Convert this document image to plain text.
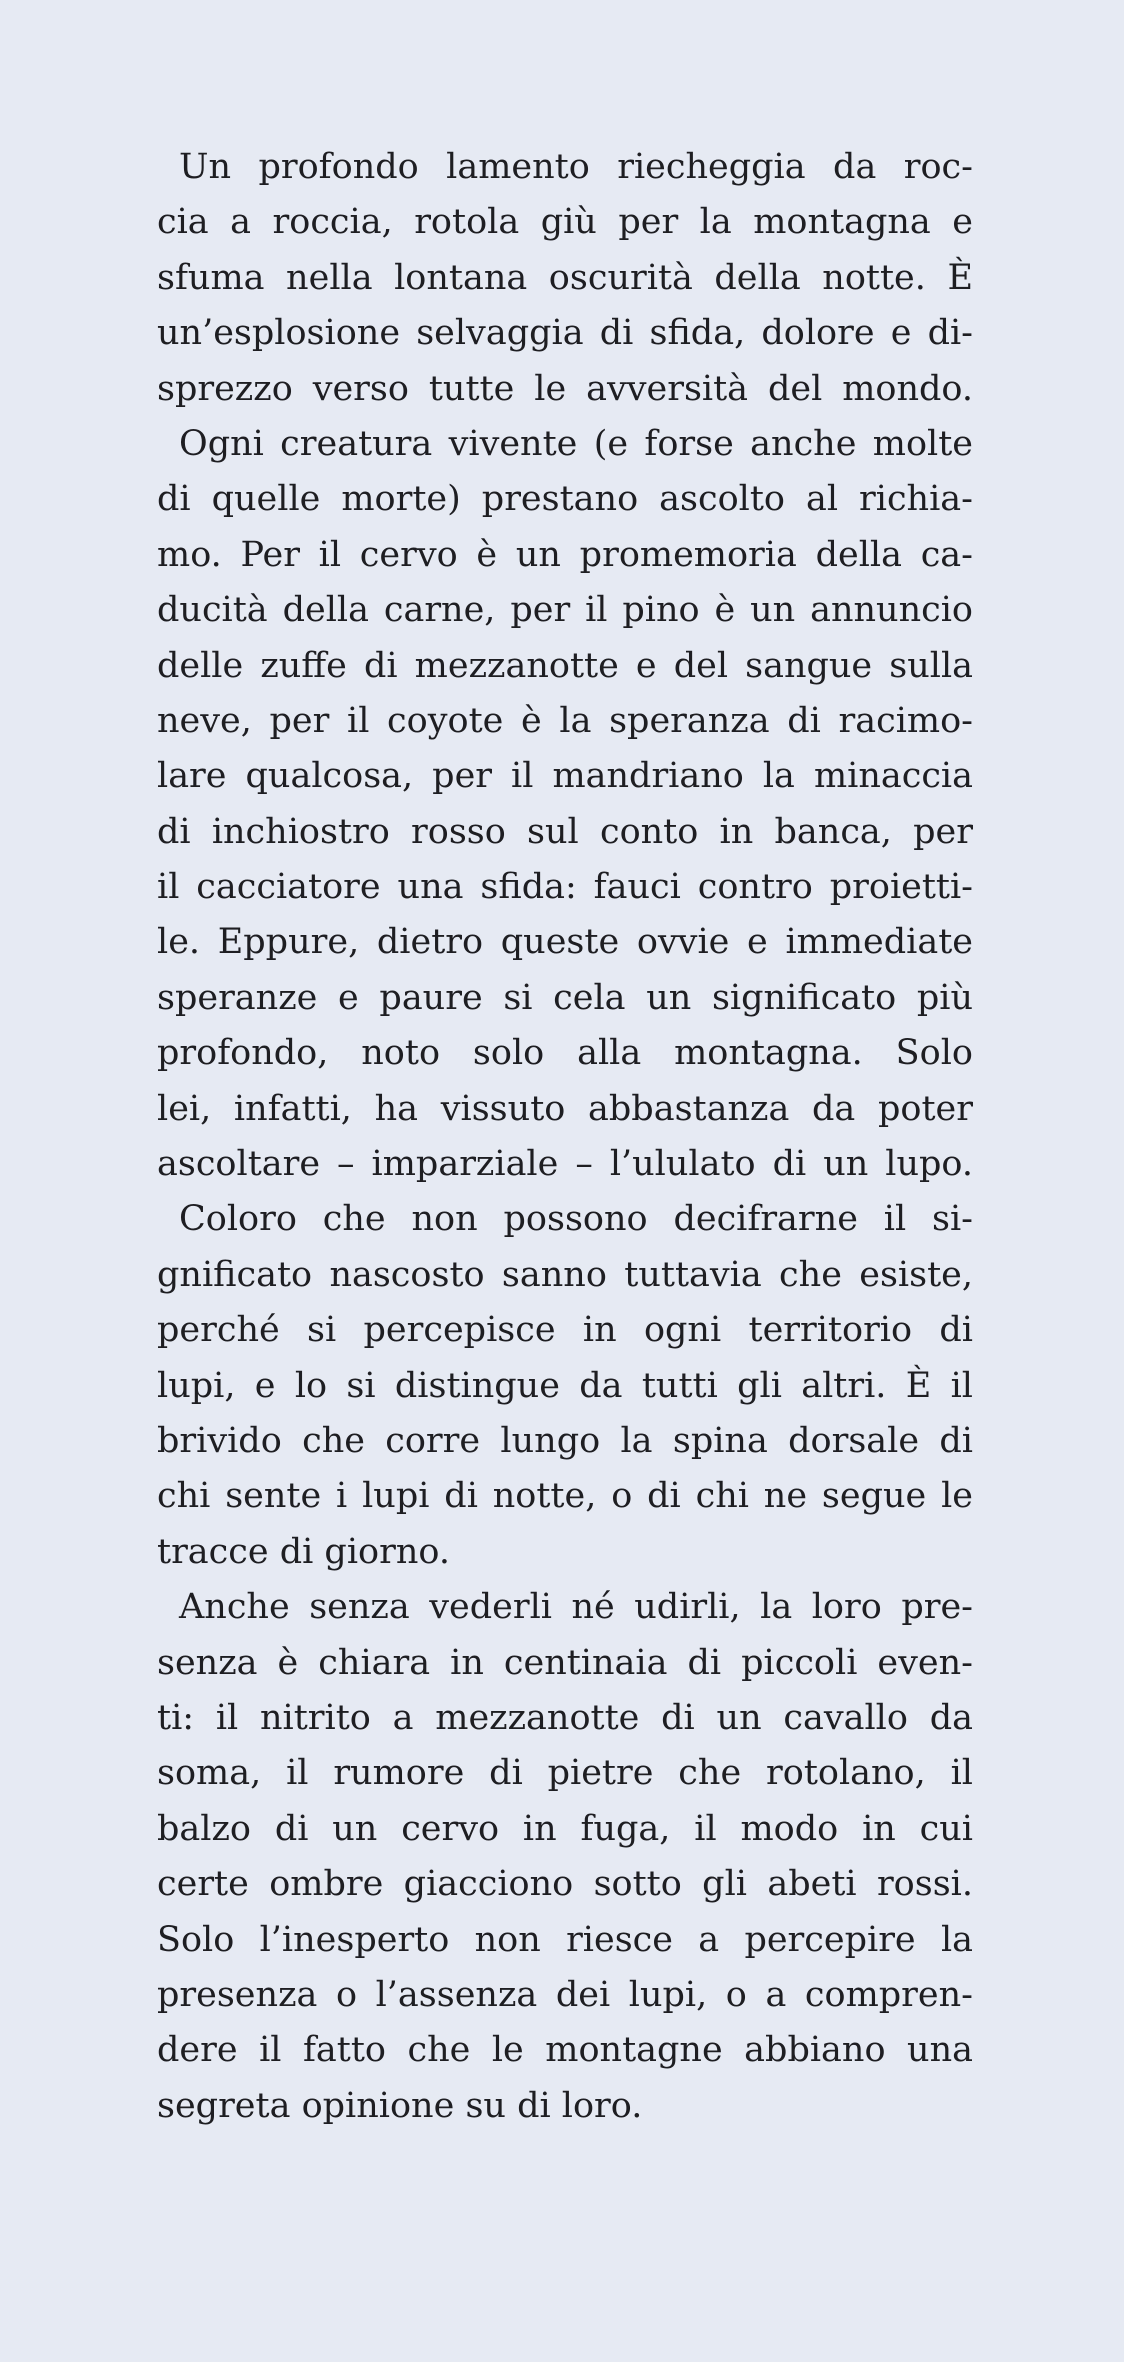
Un profondo lamento riecheggia da roc-
cia a roccia, rotola giù per la montagna e
sfuma nella lontana oscurità della notte. È
un’esplosione selvaggia di sfida, dolore e di-
sprezzo verso tutte le avversità del mondo.
Ogni creatura vivente (e forse anche molte
di quelle morte) prestano ascolto al richia-
mo. Per il cervo è un promemoria della ca-
ducità della carne, per il pino è un annuncio
delle zuffe di mezzanotte e del sangue sulla
neve, per il coyote è la speranza di racimo-
lare qualcosa, per il mandriano la minaccia
di inchiostro rosso sul conto in banca, per
il cacciatore una sfida: fauci contro proietti-
le. Eppure, dietro queste ovvie e immediate
speranze e paure si cela un significato più
profondo, noto solo alla montagna. Solo
lei, infatti, ha vissuto abbastanza da poter
ascoltare – imparziale – l’ululato di un lupo.
Coloro che non possono decifrarne il si-
gnificato nascosto sanno tuttavia che esiste,
perché si percepisce in ogni territorio di
lupi, e lo si distingue da tutti gli altri. È il
brivido che corre lungo la spina dorsale di
chi sente i lupi di notte, o di chi ne segue le
tracce di giorno.
Anche senza vederli né udirli, la loro pre-
senza è chiara in centinaia di piccoli even-
ti: il nitrito a mezzanotte di un cavallo da
soma, il rumore di pietre che rotolano, il
balzo di un cervo in fuga, il modo in cui
certe ombre giacciono sotto gli abeti rossi.
Solo l’inesperto non riesce a percepire la
presenza o l’assenza dei lupi, o a compren-
dere il fatto che le montagne abbiano una
segreta opinione su di loro.
